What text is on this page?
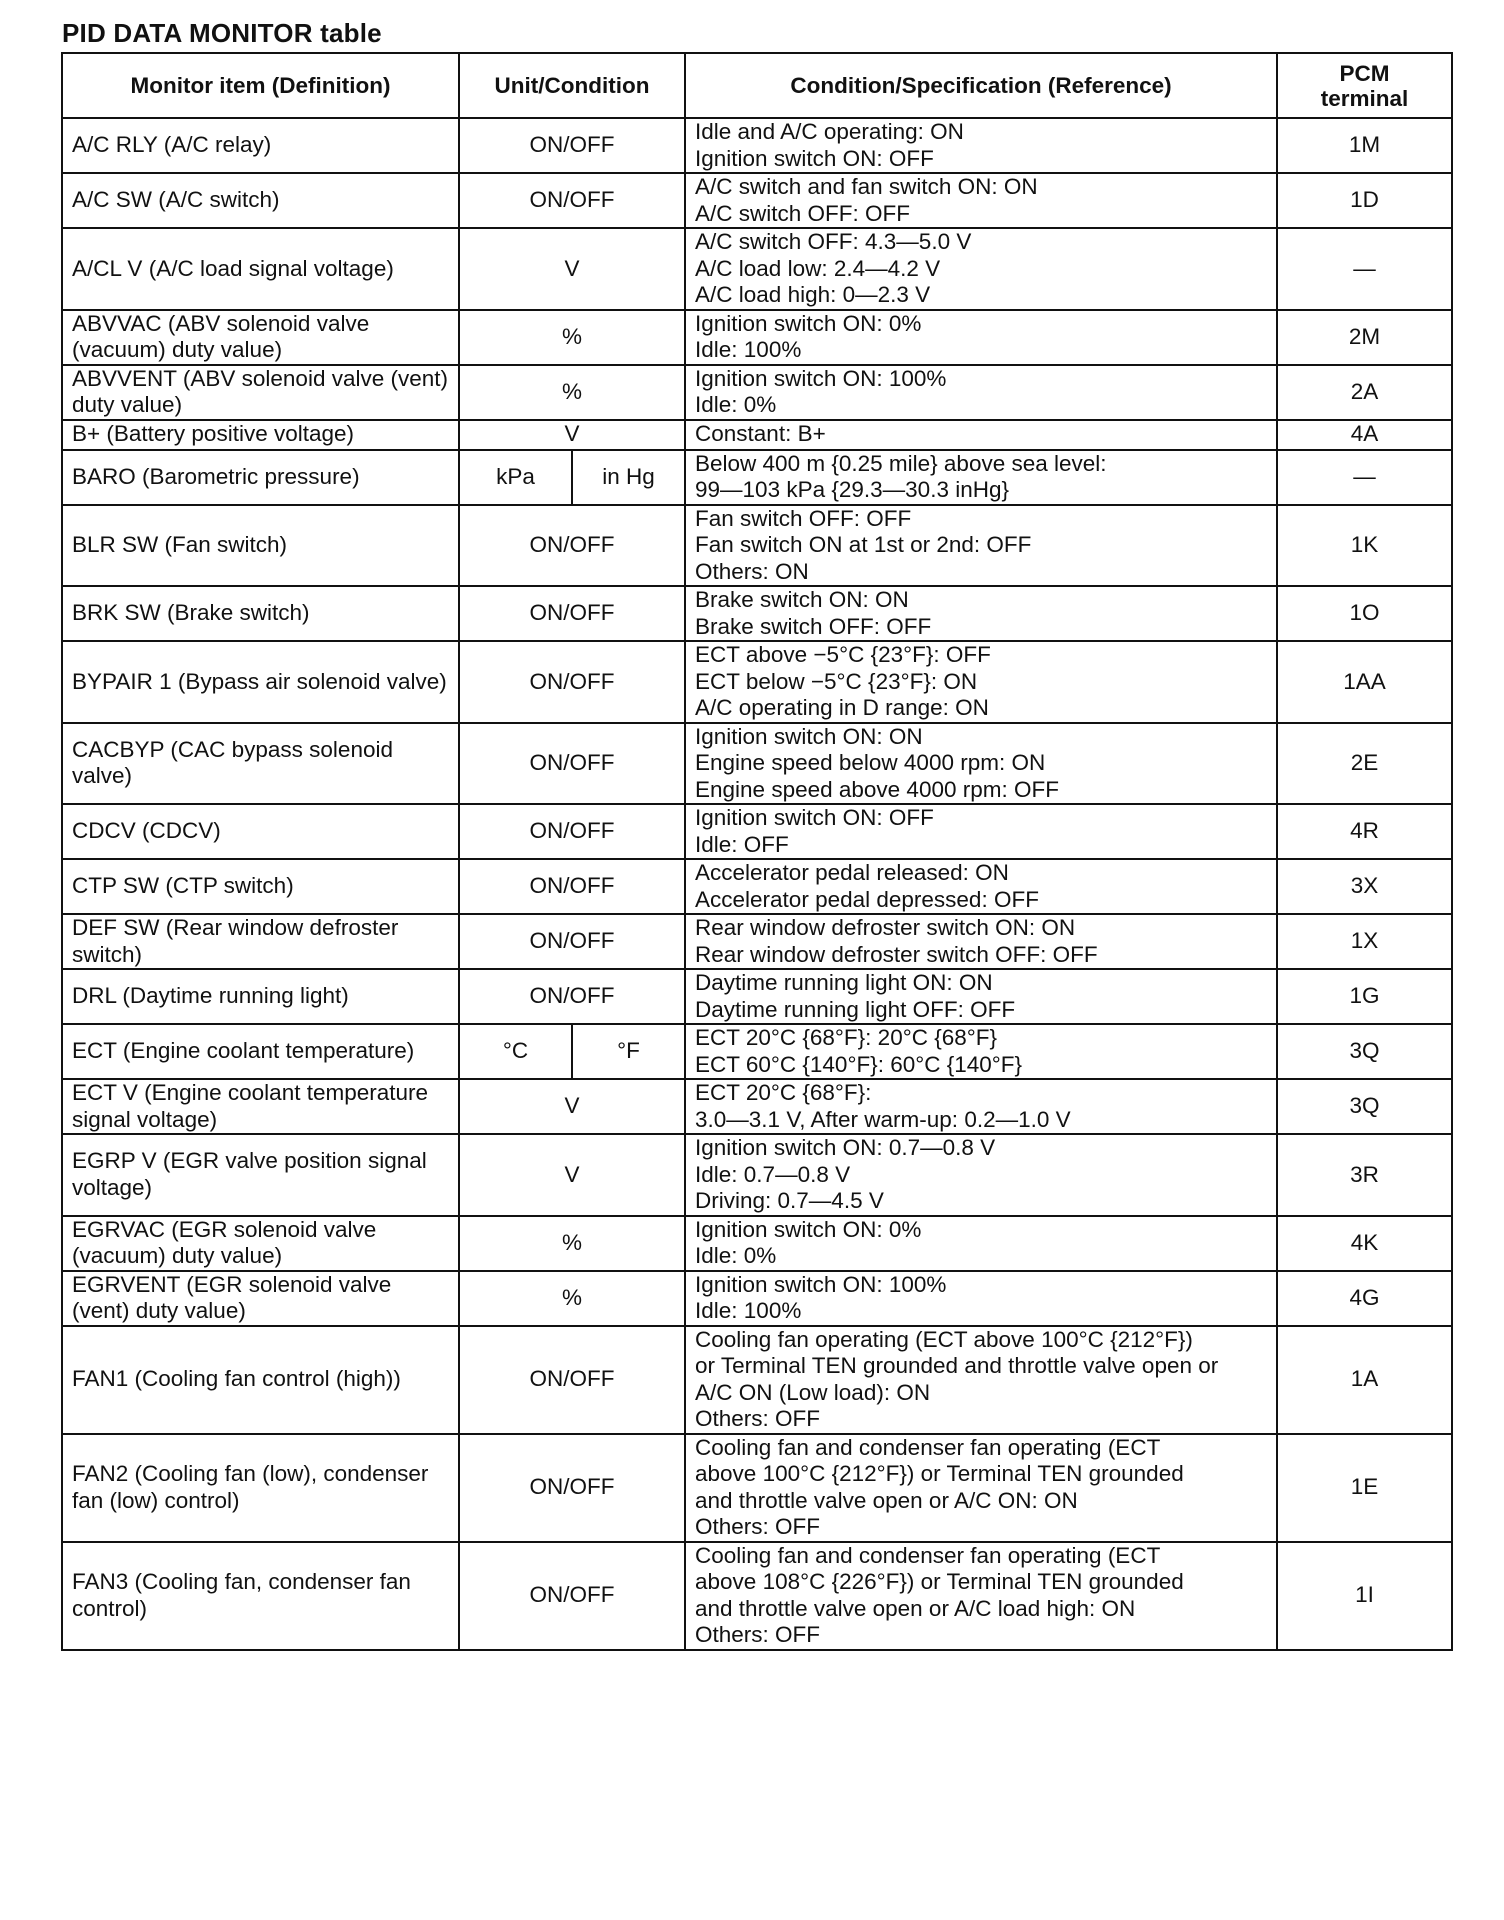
PID DATA MONITOR table
Monitor item (Definition)	Unit/Condition		Condition/Specification (Reference)	PCM
terminal

A/C RLY (A/C relay)	ON/OFF		Idle and A/C operating: ON
Ignition switch ON: OFF	1M
A/C SW (A/C switch)	ON/OFF		A/C switch and fan switch ON: ON
A/C switch OFF: OFF	1D
A/CL V (A/C load signal voltage)	V		A/C switch OFF: 4.3—5.0 V
A/C load low: 2.4—4.2 V
A/C load high: 0—2.3 V	—
ABVVAC (ABV solenoid valve (vacuum) duty value)	%		Ignition switch ON: 0%
Idle: 100%	2M
ABVVENT (ABV solenoid valve (vent) duty value)	%		Ignition switch ON: 100%
Idle: 0%	2A
B+ (Battery positive voltage)	V		Constant: B+	4A
BARO (Barometric pressure)	kPa	in Hg	Below 400 m {0.25 mile} above sea level:
99—103 kPa {29.3—30.3 inHg}	—
BLR SW (Fan switch)	ON/OFF		Fan switch OFF: OFF
Fan switch ON at 1st or 2nd: OFF
Others: ON	1K
BRK SW (Brake switch)	ON/OFF		Brake switch ON: ON
Brake switch OFF: OFF	1O
BYPAIR 1 (Bypass air solenoid valve)	ON/OFF		ECT above −5°C {23°F}: OFF
ECT below −5°C {23°F}: ON
A/C operating in D range: ON	1AA
CACBYP (CAC bypass solenoid valve)	ON/OFF		Ignition switch ON: ON
Engine speed below 4000 rpm: ON
Engine speed above 4000 rpm: OFF	2E
CDCV (CDCV)	ON/OFF		Ignition switch ON: OFF
Idle: OFF	4R
CTP SW (CTP switch)	ON/OFF		Accelerator pedal released: ON
Accelerator pedal depressed: OFF	3X
DEF SW (Rear window defroster switch)	ON/OFF		Rear window defroster switch ON: ON
Rear window defroster switch OFF: OFF	1X
DRL (Daytime running light)	ON/OFF		Daytime running light ON: ON
Daytime running light OFF: OFF	1G
ECT (Engine coolant temperature)	°C	°F	ECT 20°C {68°F}: 20°C {68°F}
ECT 60°C {140°F}: 60°C {140°F}	3Q
ECT V (Engine coolant temperature signal voltage)	V		ECT 20°C {68°F}:
3.0—3.1 V, After warm-up: 0.2—1.0 V	3Q
EGRP V (EGR valve position signal voltage)	V		Ignition switch ON: 0.7—0.8 V
Idle: 0.7—0.8 V
Driving: 0.7—4.5 V	3R
EGRVAC (EGR solenoid valve (vacuum) duty value)	%		Ignition switch ON: 0%
Idle: 0%	4K
EGRVENT (EGR solenoid valve (vent) duty value)	%		Ignition switch ON: 100%
Idle: 100%	4G
FAN1 (Cooling fan control (high))	ON/OFF		Cooling fan operating (ECT above 100°C {212°F})
or Terminal TEN grounded and throttle valve open or
A/C ON (Low load): ON
Others: OFF	1A
FAN2 (Cooling fan (low), condenser fan (low) control)	ON/OFF		Cooling fan and condenser fan operating (ECT
above 100°C {212°F}) or Terminal TEN grounded
and throttle valve open or A/C ON: ON
Others: OFF	1E
FAN3 (Cooling fan, condenser fan control)	ON/OFF		Cooling fan and condenser fan operating (ECT
above 108°C {226°F}) or Terminal TEN grounded
and throttle valve open or A/C load high: ON
Others: OFF	1I
